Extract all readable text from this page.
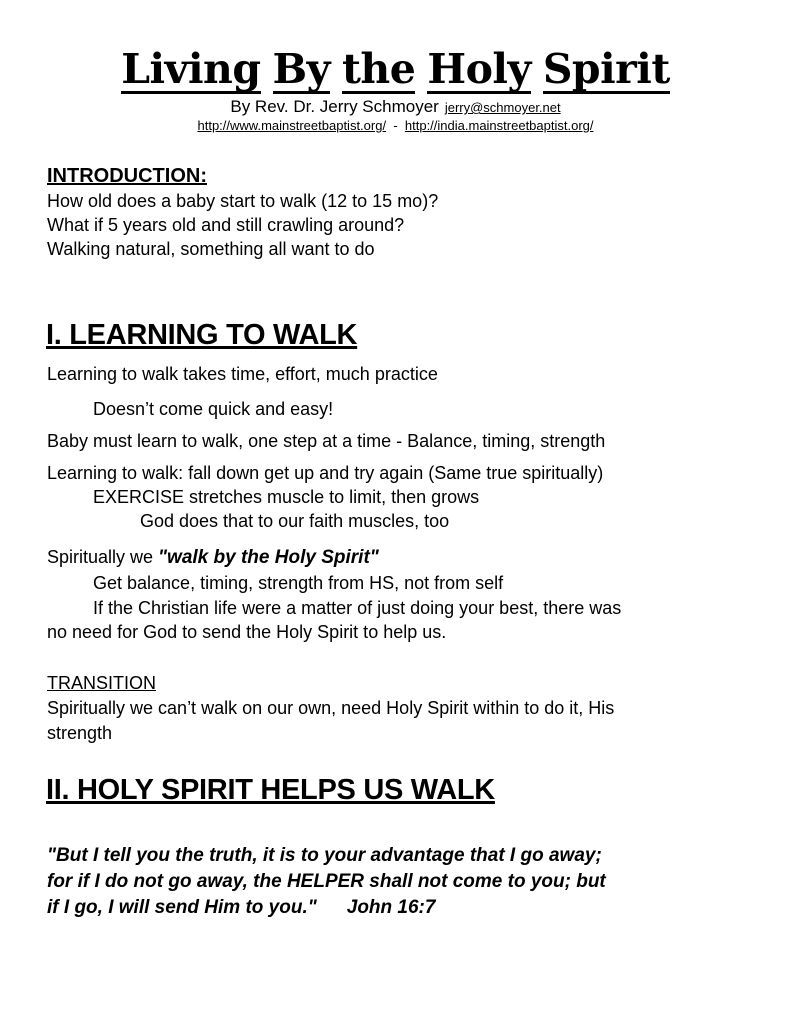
Living By the Holy Spirit
By Rev. Dr. Jerry Schmoyer jerry@schmoyer.net
http://www.mainstreetbaptist.org/ - http://india.mainstreetbaptist.org/
INTRODUCTION:
How old does a baby start to walk (12 to 15 mo)?
What if 5 years old and still crawling around?
Walking natural, something all want to do
I. LEARNING TO WALK
Learning to walk takes time, effort, much practice
Doesn’t come quick and easy!
Baby must learn to walk, one step at a time - Balance, timing, strength
Learning to walk: fall down get up and try again (Same true spiritually)
EXERCISE stretches muscle to limit, then grows
God does that to our faith muscles, too
Spiritually we "walk by the Holy Spirit"
Get balance, timing, strength from HS, not from self
If the Christian life were a matter of just doing your best, there was
no need for God to send the Holy Spirit to help us.
TRANSITION
Spiritually we can’t walk on our own, need Holy Spirit within to do it, His
strength
II. HOLY SPIRIT HELPS US WALK
"But I tell you the truth, it is to your advantage that I go away;
for if I do not go away, the HELPER shall not come to you; but
if I go, I will send Him to you." John 16:7
